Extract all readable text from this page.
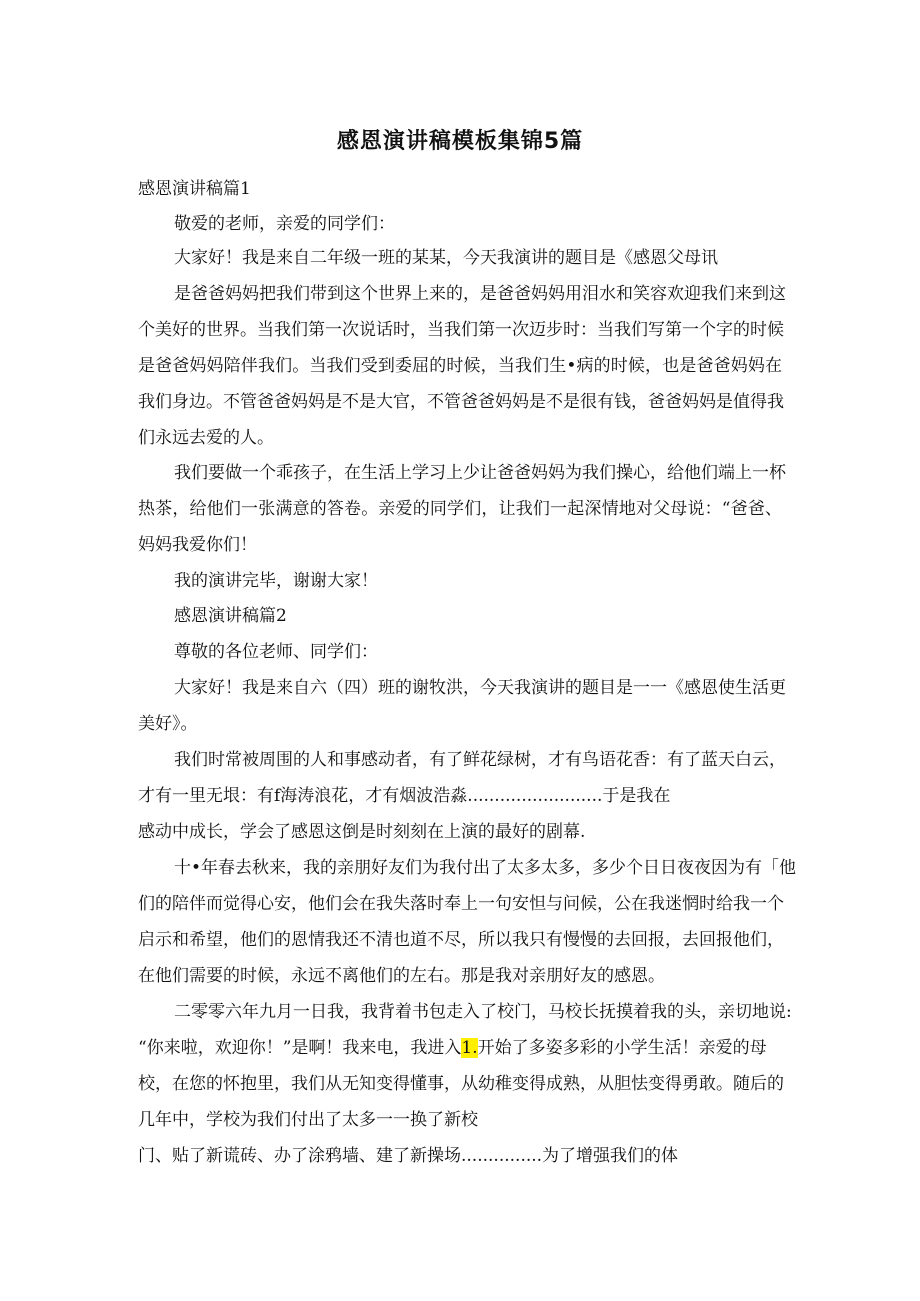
感恩演讲稿模板集锦5篇
感恩演讲稿篇1
敬爱的老师，亲爱的同学们：
大家好！我是来自二年级一班的某某，今天我演讲的题目是《感恩父母讯
是爸爸妈妈把我们带到这个世界上来的，是爸爸妈妈用泪水和笑容欢迎我们来到这
个美好的世界。当我们第一次说话时，当我们第一次迈步时：当我们写第一个字的时候
是爸爸妈妈陪伴我们。当我们受到委屈的时候，当我们生•病的时候，也是爸爸妈妈在
我们身边。不管爸爸妈妈是不是大官，不管爸爸妈妈是不是很有钱，爸爸妈妈是值得我
们永远去爱的人。
我们要做一个乖孩子，在生活上学习上少让爸爸妈妈为我们操心，给他们端上一杯
热茶，给他们一张满意的答卷。亲爱的同学们，让我们一起深情地对父母说：“爸爸、
妈妈我爱你们！
我的演讲完毕，谢谢大家！
感恩演讲稿篇2
尊敬的各位老师、同学们：
大家好！我是来自六（四）班的谢牧洪，今天我演讲的题目是一一《感恩使生活更
美好》。
我们时常被周围的人和事感动者，有了鲜花绿树，才有鸟语花香：有了蓝天白云，
才有一里无垠：有f海涛浪花，才有烟波浩淼.........................于是我在
感动中成长，学会了感恩这倒是时刻刻在上演的最好的剧幕.
十•年春去秋来，我的亲朋好友们为我付出了太多太多，多少个日日夜夜因为有「他
们的陪伴而觉得心安，他们会在我失落时奉上一句安怛与问候，公在我迷惘时给我一个
启示和希望，他们的恩情我还不清也道不尽，所以我只有慢慢的去回报，去回报他们，
在他们需要的时候，永远不离他们的左右。那是我对亲朋好友的感恩。
二零零六年九月一日我，我背着书包走入了校门，马校长抚摸着我的头，亲切地说:
“你来啦，欢迎你！”是啊！我来电，我进入1.开始了多姿多彩的小学生活！亲爱的母
校，在您的怀抱里，我们从无知变得懂事，从幼稚变得成熟，从胆怯变得勇敢。随后的
几年中，学校为我们付出了太多一一换了新校
门、贴了新谎砖、办了涂鸦墙、建了新操场...............为了增强我们的体
